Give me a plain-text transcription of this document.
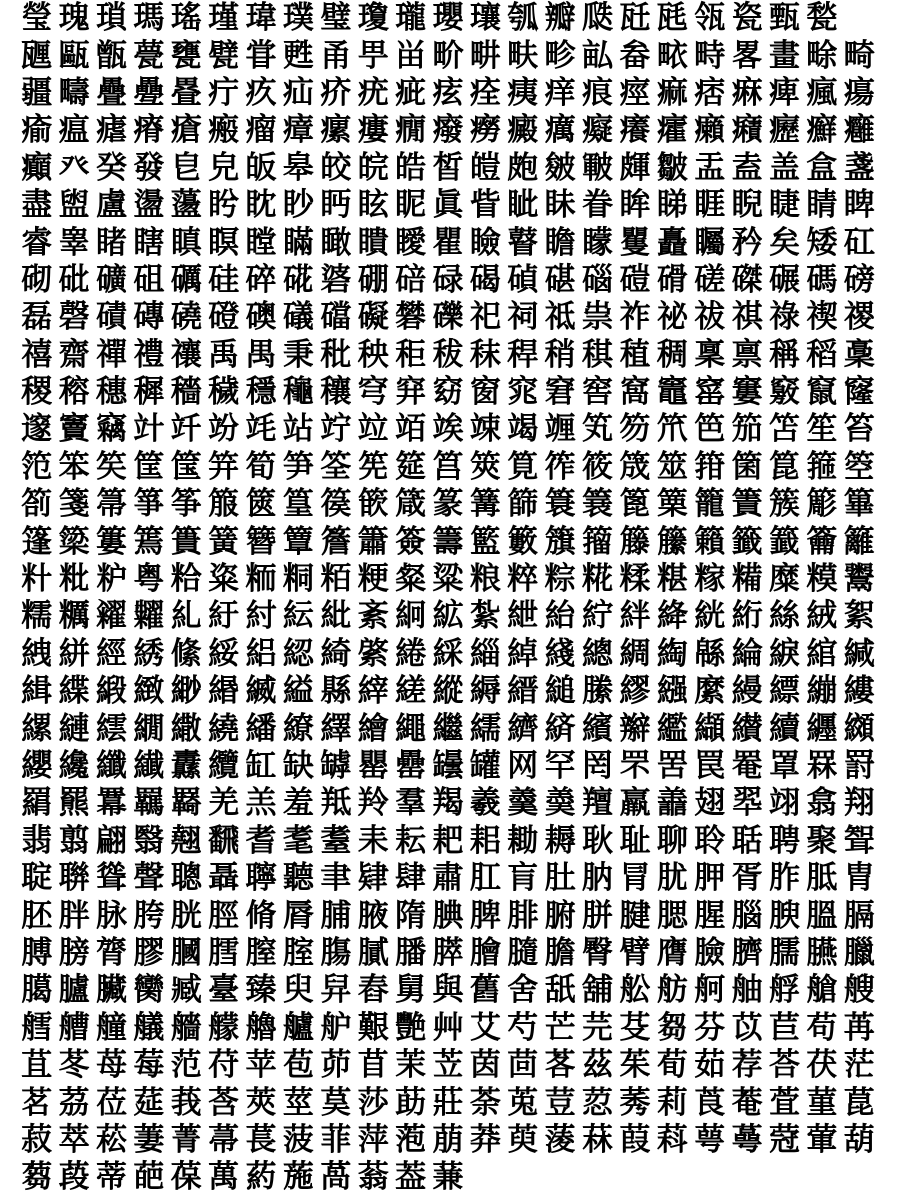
瑩 瑰 瑣 瑪 瑤 瑾 瑋 璞 璧 瓊 瓏 瓔 瓖 瓠 瓣 瓞 瓩 瓱 瓴 瓷 甄 甃
甅 甌 甑 甍 甕 甓 甞 甦 甬 甼 畄 畍 畊 畉 畛 畆 畚 畩 畤 畧 畫 畭 畸
疆 疇 疊 疉 疂 疔 疚 疝 疥 疣 疵 痃 痊 痍 痒 痕 痙 痲 痞 痳 痺 瘋 瘍
瘉 瘟 瘧 瘠 瘡 瘢 瘤 瘴 瘰 瘻 癇 癈 癆 癜 癘 癡 癢 癨 癩 癪 癧 癬 癰
癲 癶 癸 發 皀 皃 皈 皋 皎 皖 皓 皙 皚 皰 皴 皸 皹 皺 盂 盍 盖 盒 盞
盡 盥 盧 盪 蘯 盻 眈 眇 眄 眩 眤 眞 眥 眦 眛 眷 眸 睇 睚 睨 睫 睛 睥
睿 睾 睹 瞎 瞋 瞑 瞠 瞞 瞰 瞶 瞹 瞿 瞼 瞽 瞻 矇 矍 矗 矚 矜 矣 矮 矼
砌 砒 礦 砠 礪 硅 碎 硴 碆 硼 碚 碌 碣 碵 碪 碯 磑 磆 磋 磔 碾 碼 磅
磊 磬 磧 磚 磽 磴 礇 礒 礑 礙 礬 礫 祀 祠 祗 祟 祚 祕 祓 祺 祿 禊 禝
禧 齋 禪 禮 禳 禹 禺 秉 秕 秧 秬 秡 秣 稈 稍 稘 稙 稠 稟 禀 稱 稻 稾
稷 穃 穗 穉 穡 穢 穩 龝 穰 穹 穽 窈 窗 窕 窘 窖 窩 竈 窰 窶 竅 竄 窿
邃 竇 竊 竍 竏 竕 竓 站 竚 竝 竡 竢 竦 竭 竰 笂 笏 笊 笆 笳 笘 笙 笞
笵 笨 笶 筐 筺 笄 筍 笋 筌 筅 筵 筥 筴 筧 筰 筱 筬 筮 箝 箘 箟 箍 箜
箚 箋 箒 箏 筝 箙 篋 篁 篌 篏 箴 篆 篝 篩 簑 簔 篦 篥 籠 簀 簇 簓 篳
篷 簗 簍 篶 簣 簧 簪 簟 簷 簫 簽 籌 籃 籔 籏 籀 籐 籘 籟 籤 籖 籥 籬
籵 粃 粐 粤 粭 粢 粫 粡 粨 粳 粲 粱 粮 粹 粽 糀 糅 糂 糘 糒 糜 糢 鬻
糯 糲 糴 糶 糺 紆 紂 紜 紕 紊 絅 絋 紮 紲 紿 紵 絆 絳 絖 絎 絲 絨 絮
絏 絣 經 綉 絛 綏 絽 綛 綺 綮 綣 綵 緇 綽 綫 總 綢 綯 緜 綸 綟 綰 緘
緝 緤 緞 緻 緲 緡 縅 縊 縣 縡 縒 縱 縟 縉 縋 縢 繆 繦 縻 縵 縹 繃 縷
縲 縺 繧 繝 繖 繞 繙 繚 繹 繪 繩 繼 繻 纃 緕 繽 辮 繿 纈 纉 續 纒 纐
纓 纔 纖 纎 纛 纜 缸 缺 罅 罌 罍 罎 罐 网 罕 罔 罘 罟 罠 罨 罩 罧 罸
羂 羆 羃 羈 羇 羌 羔 羞 羝 羚 羣 羯 羲 羹 羮 羶 羸 譱 翅 翆 翊 翕 翔
翡 翦 翩 翳 翹 飜 耆 耄 耋 耒 耘 耙 耜 耡 耨 耿 耻 聊 聆 聒 聘 聚 聟
聢 聨 聳 聲 聰 聶 聹 聽 聿 肄 肆 肅 肛 肓 肚 肭 冐 肬 胛 胥 胙 胝 胄
胚 胖 脉 胯 胱 脛 脩 脣 脯 腋 隋 腆 脾 腓 腑 胼 腱 腮 腥 腦 腴 膃 膈
膊 膀 膂 膠 膕 膤 膣 腟 膓 膩 膰 膵 膾 膸 膽 臀 臂 膺 臉 臍 臑 臙 臘
臈 臚 臟 臠 臧 臺 臻 臾 舁 舂 舅 與 舊 舍 舐 舖 舩 舫 舸 舳 艀 艙 艘
艝 艚 艟 艤 艢 艨 艪 艫 舮 艱 艷 艸 艾 芍 芒 芫 芟 芻 芬 苡 苣 苟 苒
苴 苳 苺 莓 范 苻 苹 苞 茆 苜 茉 苙 茵 茴 茖 茲 茱 荀 茹 荐 荅 茯 茫
茗 茘 莅 莚 莪 莟 莢 莖 茣 莎 莇 莊 荼 莵 荳 荵 莠 莉 莨 菴 萓 菫 菎
菽 萃 菘 萋 菁 菷 萇 菠 菲 萍 萢 萠 莽 萸 蔆 菻 葭 萪 萼 蕚 蒄 葷 葫
蒭 葮 蒂 葩 葆 萬 葯 葹 萵 蓊 葢 蒹
